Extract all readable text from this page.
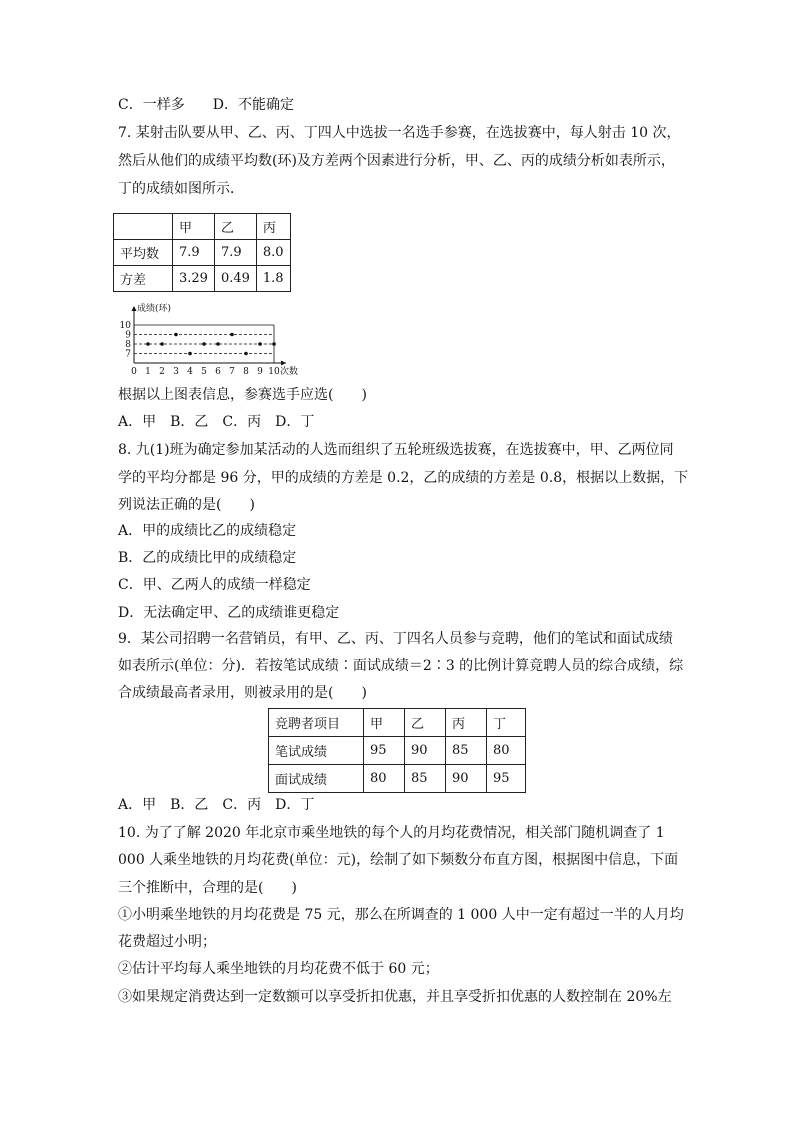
C．一样多 D．不能确定
7. 某射击队要从甲、乙、丙、丁四人中选拔一名选手参赛，在选拔赛中，每人射击 10 次，
然后从他们的成绩平均数(环)及方差两个因素进行分析，甲、乙、丙的成绩分析如表所示，
丁的成绩如图所示．
	甲	乙	丙
平均数	7.9	7.9	8.0
方差	3.29	0.49	1.8
7
8
9
10
0 1 2 3 4 5 6 7 8 9 10
成绩(环)
次数
根据以上图表信息，参赛选手应选(　　)
A．甲　B．乙　C．丙　D．丁
8. 九(1)班为确定参加某活动的人选而组织了五轮班级选拔赛，在选拔赛中，甲、乙两位同
学的平均分都是 96 分，甲的成绩的方差是 0.2，乙的成绩的方差是 0.8，根据以上数据，下
列说法正确的是(　　)
A．甲的成绩比乙的成绩稳定
B．乙的成绩比甲的成绩稳定
C．甲、乙两人的成绩一样稳定
D．无法确定甲、乙的成绩谁更稳定
9．某公司招聘一名营销员，有甲、乙、丙、丁四名人员参与竞聘，他们的笔试和面试成绩
如表所示(单位：分)．若按笔试成绩∶面试成绩＝2∶3 的比例计算竞聘人员的综合成绩，综
合成绩最高者录用，则被录用的是(　　)
竞聘者项目	甲	乙	丙	丁
笔试成绩	95	90	85	80
面试成绩	80	85	90	95
A．甲　B．乙　C．丙　D．丁
10. 为了了解 2020 年北京市乘坐地铁的每个人的月均花费情况，相关部门随机调查了 1
000 人乘坐地铁的月均花费(单位：元)，绘制了如下频数分布直方图，根据图中信息，下面
三个推断中，合理的是(　　)
①小明乘坐地铁的月均花费是 75 元，那么在所调查的 1 000 人中一定有超过一半的人月均
花费超过小明；
②估计平均每人乘坐地铁的月均花费不低于 60 元；
③如果规定消费达到一定数额可以享受折扣优惠，并且享受折扣优惠的人数控制在 20%左
